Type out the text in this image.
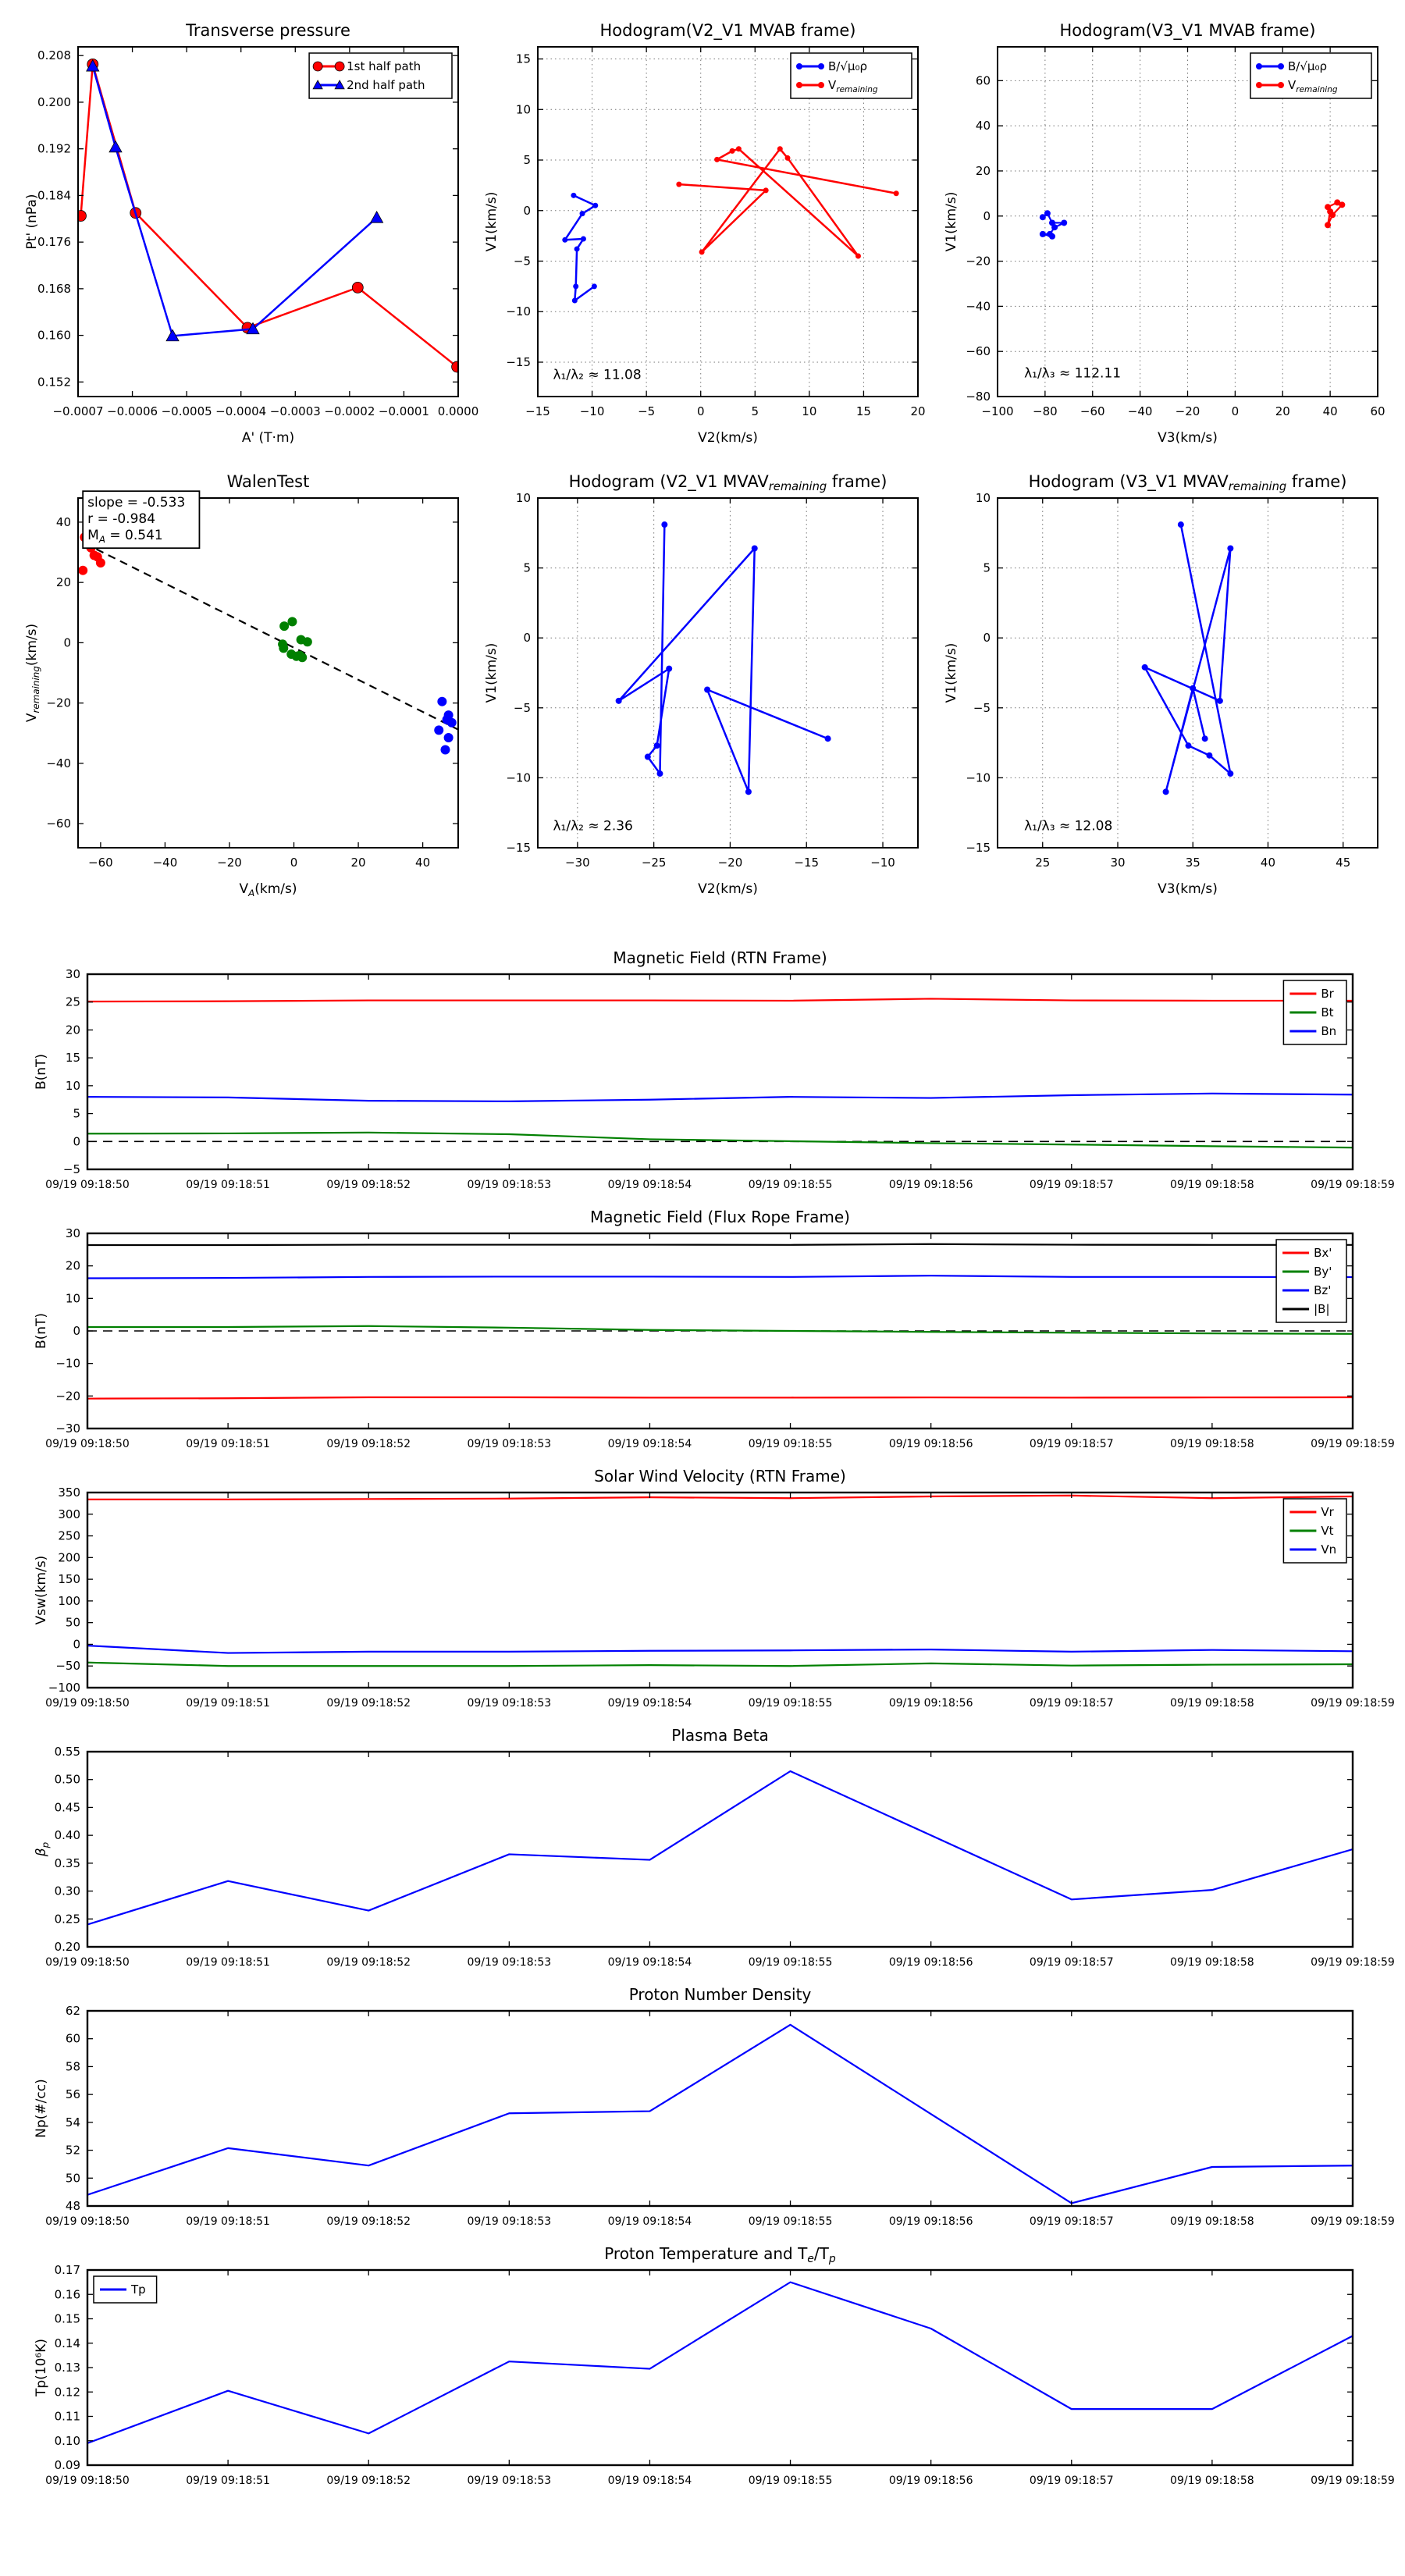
−0.0007 −0.0006 −0.0005 −0.0004 −0.0003 −0.0002 −0.0001 0.0000
0.152
0.160
0.168
0.176
0.184
0.192
0.200
0.208
Transverse pressure
A' (T·m)
Pt' (nPa)
1st half path
2nd half path
−15	−10	−5	0	5	10	15	20
−15
−10
−5
0
5
10
15
Hodogram(V2_V1 MVAB frame)
V2(km/s)
V1(km/s)
B/√μ₀ρ
$V_{remaining}$
λ₁/λ₂ ≈ 11.08
−100 −80 −60 −40 −20	0	20	40	60
−80
−60
−40
−20
0
20
40
60
Hodogram(V3_V1 MVAB frame)
V3(km/s)
V1(km/s)
B/√μ₀ρ
$V_{remaining}$
λ₁/λ₃ ≈ 112.11
−60	−40	−20	0	20	40
−60
−40
−20
0
20
40
WalenTest
$V_A(km/s)$
$V_{remaining}(km/s)$
slope = -0.533
r = -0.984
$M_A = 0.541$
−30	−25	−20	−15	−10
−15
−10
−5
0
5
10
Hodogram (V2_V1 MVAVremaining frame)
V2(km/s)
V1(km/s)
λ₁/λ₂ ≈ 2.36
25	30	35	40	45
−15
−10
−5
0
5
10
Hodogram (V3_V1 MVAVremaining frame)
V3(km/s)
V1(km/s)
λ₁/λ₃ ≈ 12.08
09/19 09:18:50	09/19 09:18:51	09/19 09:18:52	09/19 09:18:53	09/19 09:18:54	09/19 09:18:55	09/19 09:18:56	09/19 09:18:57	09/19 09:18:58	09/19 09:18:59
−5
0
5
10
15
20
25
30
Magnetic Field (RTN Frame)
B(nT)
Br
Bt
Bn
09/19 09:18:50	09/19 09:18:51	09/19 09:18:52	09/19 09:18:53	09/19 09:18:54	09/19 09:18:55	09/19 09:18:56	09/19 09:18:57	09/19 09:18:58	09/19 09:18:59
−30
−20
−10
0
10
20
30
Magnetic Field (Flux Rope Frame)
B(nT)
Bx'
By'
Bz'
|B|
09/19 09:18:50	09/19 09:18:51	09/19 09:18:52	09/19 09:18:53	09/19 09:18:54	09/19 09:18:55	09/19 09:18:56	09/19 09:18:57	09/19 09:18:58	09/19 09:18:59
−100
−50
0
50
100
150
200
250
300
350
Solar Wind Velocity (RTN Frame)
Vsw(km/s)
Vr
Vt
Vn
09/19 09:18:50	09/19 09:18:51	09/19 09:18:52	09/19 09:18:53	09/19 09:18:54	09/19 09:18:55	09/19 09:18:56	09/19 09:18:57	09/19 09:18:58	09/19 09:18:59
0.20
0.25
0.30
0.35
0.40
0.45
0.50
0.55
Plasma Beta
$\beta_p$
09/19 09:18:50	09/19 09:18:51	09/19 09:18:52	09/19 09:18:53	09/19 09:18:54	09/19 09:18:55	09/19 09:18:56	09/19 09:18:57	09/19 09:18:58	09/19 09:18:59
48
50
52
54
56
58
60
62
Proton Number Density
Np(#/cc)
09/19 09:18:50	09/19 09:18:51	09/19 09:18:52	09/19 09:18:53	09/19 09:18:54	09/19 09:18:55	09/19 09:18:56	09/19 09:18:57	09/19 09:18:58	09/19 09:18:59
0.09
0.10
0.11
0.12
0.13
0.14
0.15
0.16
0.17
Proton Temperature and $T_e/T_p$
Tp(10⁶K)
Tp
